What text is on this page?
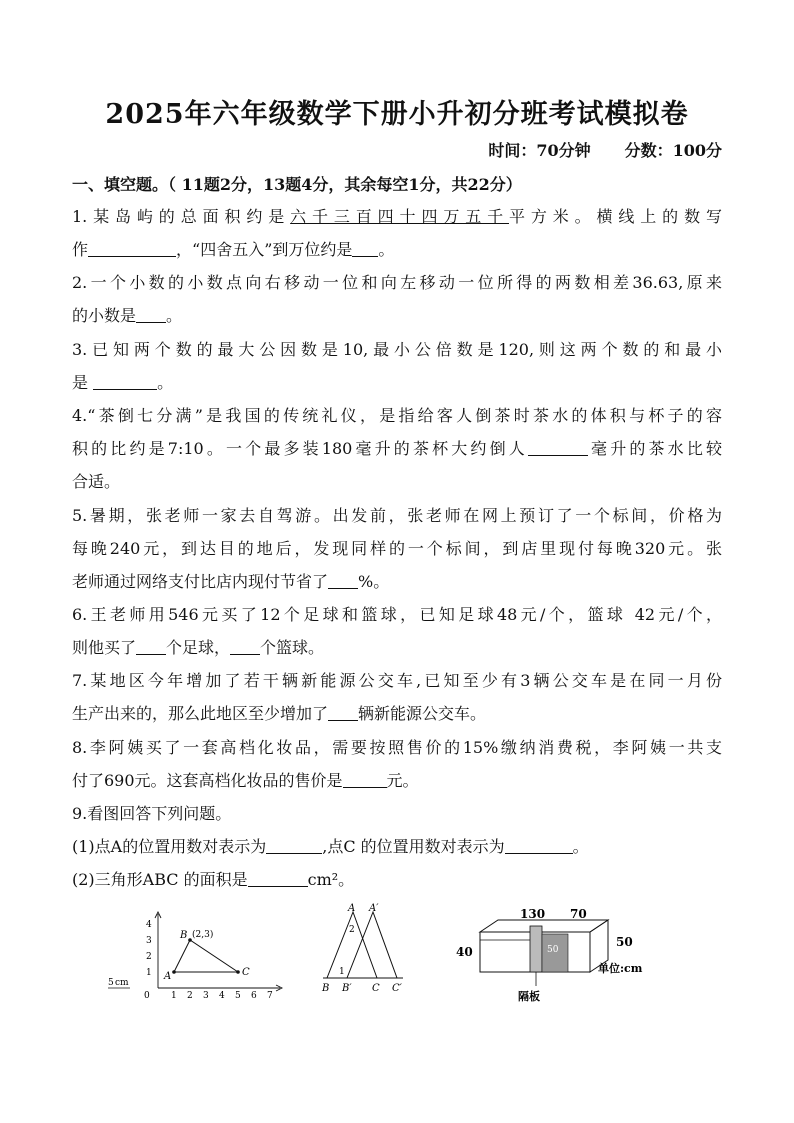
2025年六年级数学下册小升初分班考试模拟卷
时间：70分钟 分数：100分
一、填空题。（ 11题2分，13题4分，其余每空1分，共22分）
1.某岛屿的总面积约是六千三百四十四万五千平方米。横线上的数写
作	，“四舍五入”到万位约是 。
2.一个小数的小数点向右移动一位和向左移动一位所得的两数相差36.63,原来
的小数是 。
3.已知两个数的最大公因数是10,最小公倍数是120,则这两个数的和最小
是	。
4.“茶倒七分满”是我国的传统礼仪，是指给客人倒茶时茶水的体积与杯子的容
积的比约是7:10。一个最多装180毫升的茶杯大约倒人	毫升的茶水比较
合适。
5.暑期，张老师一家去自驾游。出发前，张老师在网上预订了一个标间，价格为
每晚240元，到达目的地后，发现同样的一个标间，到店里现付每晚320元。张
老师通过网络支付比店内现付节省了 %。
6.王老师用546元买了12个足球和篮球，已知足球48元/个，篮球 42元/个，
则他买了 个足球， 个篮球。
7.某地区今年增加了若干辆新能源公交车,已知至少有3辆公交车是在同一月份
生产出来的，那么此地区至少增加了 辆新能源公交车。
8.李阿姨买了一套高档化妆品，需要按照售价的15%缴纳消费税，李阿姨一共支
付了690元。这套高档化妆品的售价是	元。
9.看图回答下列问题。
(1)点A的位置用数对表示为	,点C 的位置用数对表示为	。
(2)三角形ABC 的面积是	cm²。
5 cm
0 1 2 3 4 5 6 7
1
2
3
4
A
B (2,3)
C
A A′
2
1
B B′ C C′
130 70
50
40
50
单位:cm
隔板
